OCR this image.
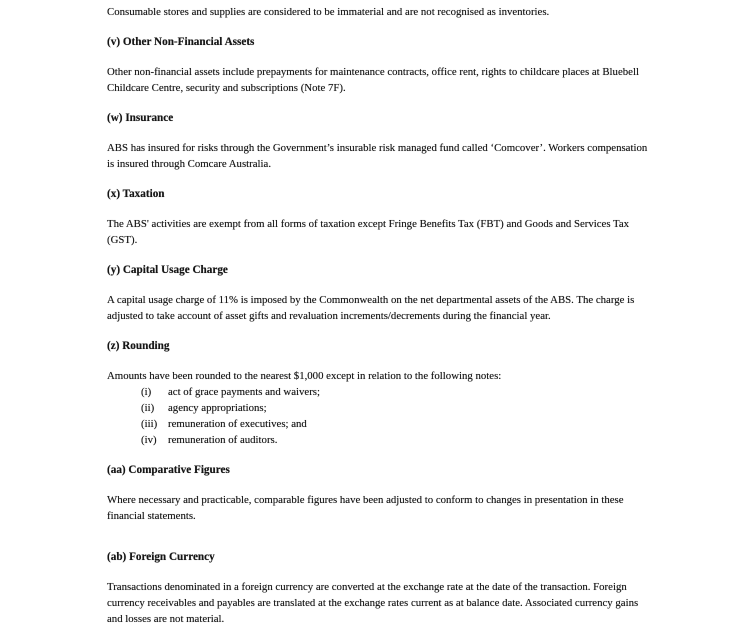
Consumable stores and supplies are considered to be immaterial and are not recognised as inventories.

(v) Other Non-Financial Assets

Other non-financial assets include prepayments for maintenance contracts, office rent, rights to childcare places at Bluebell Childcare Centre, security and subscriptions (Note 7F).

(w) Insurance

ABS has insured for risks through the Government’s insurable risk managed fund called ‘Comcover’. Workers compensation is insured through Comcare Australia.

(x) Taxation

The ABS' activities are exempt from all forms of taxation except Fringe Benefits Tax (FBT) and Goods and Services Tax (GST).

(y) Capital Usage Charge

A capital usage charge of 11% is imposed by the Commonwealth on the net departmental assets of the ABS. The charge is adjusted to take account of asset gifts and revaluation increments/decrements during the financial year.

(z) Rounding

Amounts have been rounded to the nearest $1,000 except in relation to the following notes:

(i) act of grace payments and waivers;
(ii) agency appropriations;
(iii) remuneration of executives; and
(iv) remuneration of auditors.
(aa) Comparative Figures

Where necessary and practicable, comparable figures have been adjusted to conform to changes in presentation in these financial statements.

(ab) Foreign Currency

Transactions denominated in a foreign currency are converted at the exchange rate at the date of the transaction. Foreign currency receivables and payables are translated at the exchange rates current as at balance date. Associated currency gains and losses are not material.
